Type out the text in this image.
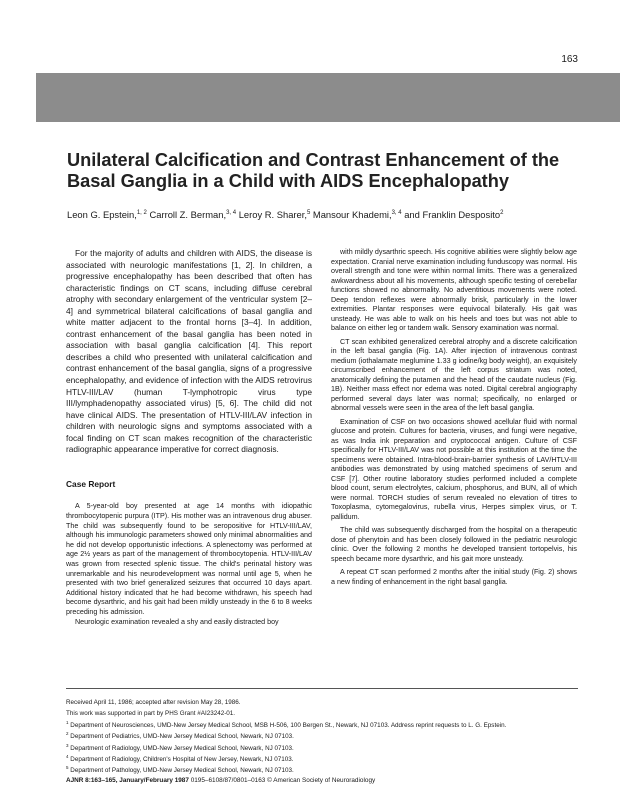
163
Unilateral Calcification and Contrast Enhancement of the Basal Ganglia in a Child with AIDS Encephalopathy
Leon G. Epstein,$^{1, 2}$ Carroll Z. Berman,$^{3, 4}$ Leroy R. Sharer,$^5$ Mansour Khademi,$^{3, 4}$ and Franklin Desposito$^2$

For the majority of adults and children with AIDS, the disease is associated with neurologic manifestations [1, 2]. In children, a progressive encephalopathy has been described that often has characteristic findings on CT scans, including diffuse cerebral atrophy with secondary enlargement of the ventricular system [2–4] and symmetrical bilateral calcifications of basal ganglia and white matter adjacent to the frontal horns [3–4]. In addition, contrast enhancement of the basal ganglia has been noted in association with basal ganglia calcification [4]. This report describes a child who presented with unilateral calcification and contrast enhancement of the basal ganglia, signs of a progressive encephalopathy, and evidence of infection with the AIDS retrovirus HTLV-III/LAV (human T-lymphotropic virus type III/lymphadenopathy associated virus) [5, 6]. The child did not have clinical AIDS. The presentation of HTLV-III/LAV infection in children with neurologic signs and symptoms associated with a focal finding on CT scan makes recognition of the characteristic radiographic appearance imperative for correct diagnosis.

Case Report

A 5-year-old boy presented at age 14 months with idiopathic thrombocytopenic purpura (ITP). His mother was an intravenous drug abuser. The child was subsequently found to be seropositive for HTLV-III/LAV, although his immunologic parameters showed only minimal abnormalities and he did not develop opportunistic infections. A splenectomy was performed at age 2½ years as part of the management of thrombocytopenia. HTLV-III/LAV was grown from resected splenic tissue. The child's perinatal history was unremarkable and his neurodevelopment was normal until age 5, when he presented with two brief generalized seizures that occurred 10 days apart. Additional history indicated that he had become withdrawn, his speech had become dysarthric, and his gait had been mildly unsteady in the 6 to 8 weeks preceding his admission.

Neurologic examination revealed a shy and easily distracted boy

with mildly dysarthric speech. His cognitive abilities were slightly below age expectation. Cranial nerve examination including funduscopy was normal. His overall strength and tone were within normal limits. There was a generalized awkwardness about all his movements, although specific testing of cerebellar functions showed no abnormality. No adventitious movements were noted. Deep tendon reflexes were abnormally brisk, particularly in the lower extremities. Plantar responses were equivocal bilaterally. His gait was unsteady. He was able to walk on his heels and toes but was not able to balance on either leg or tandem walk. Sensory examination was normal.

CT scan exhibited generalized cerebral atrophy and a discrete calcification in the left basal ganglia (Fig. 1A). After injection of intravenous contrast medium (iothalamate meglumine 1.33 g iodine/kg body weight), an exquisitely circumscribed enhancement of the left corpus striatum was noted, anatomically defining the putamen and the head of the caudate nucleus (Fig. 1B). Neither mass effect nor edema was noted. Digital cerebral angiography performed several days later was normal; specifically, no enlarged or abnormal vessels were seen in the area of the left basal ganglia.

Examination of CSF on two occasions showed acellular fluid with normal glucose and protein. Cultures for bacteria, viruses, and fungi were negative, as was India ink preparation and cryptococcal antigen. Culture of CSF specifically for HTLV-III/LAV was not possible at this institution at the time the specimens were obtained. Intra-blood-brain-barrier synthesis of LAV/HTLV-III antibodies was demonstrated by using matched specimens of serum and CSF [7]. Other routine laboratory studies performed included a complete blood count, serum electrolytes, calcium, phosphorus, and BUN, all of which were normal. TORCH studies of serum revealed no elevation of titres to Toxoplasma, cytomegalovirus, rubella virus, Herpes simplex virus, or T. pallidum.

The child was subsequently discharged from the hospital on a therapeutic dose of phenytoin and has been closely followed in the pediatric neurologic clinic. Over the following 2 months he developed transient tortopelvis, his speech became more dysarthric, and his gait more unsteady.

A repeat CT scan performed 2 months after the initial study (Fig. 2) shows a new finding of enhancement in the right basal ganglia.

Received April 11, 1986; accepted after revision May 28, 1986.
This work was supported in part by PHS Grant #AI23242-01.
$^1$ Department of Neurosciences, UMD-New Jersey Medical School, MSB H-506, 100 Bergen St., Newark, NJ 07103. Address reprint requests to L. G. Epstein.
$^2$ Department of Pediatrics, UMD-New Jersey Medical School, Newark, NJ 07103.
$^3$ Department of Radiology, UMD-New Jersey Medical School, Newark, NJ 07103.
$^4$ Department of Radiology, Children's Hospital of New Jersey, Newark, NJ 07103.
$^5$ Department of Pathology, UMD-New Jersey Medical School, Newark, NJ 07103.
AJNR 8:163–165, January/February 1987 0195–6108/87/0801–0163 © American Society of Neuroradiology
